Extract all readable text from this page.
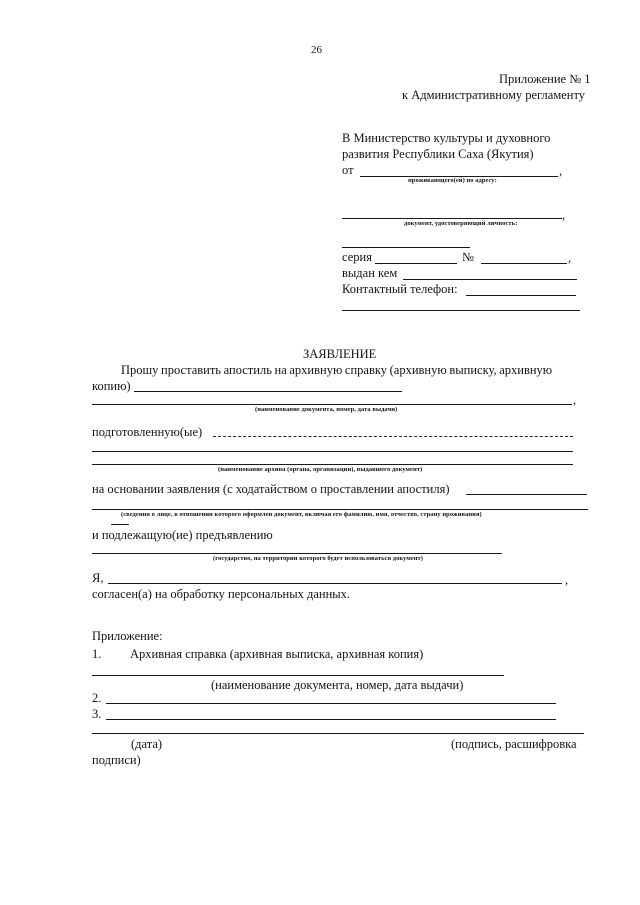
26
Приложение № 1
к Административному регламенту
В Министерство культуры и духовного
развития Республики Саха (Якутия)
от	,
проживающего(ей) по адресу:
,
документ, удостоверяющий личность:
серия	№	,
выдан кем
Контактный телефон:
ЗАЯВЛЕНИЕ
Прошу проставить апостиль на архивную справку (архивную выписку, архивную
копию)
,
(наименование документа, номер, дата выдачи)
подготовленную(ые)
(наименование архива (органа, организации), выдавшего документ)
на основании заявления (с ходатайством о проставлении апостиля)
(сведения о лице, в отношении которого оформлен документ, включая его фамилию, имя, отчество, страну проживания)
и подлежащую(ие) предъявлению
(государство, на территории которого будет использоваться документ)
Я,	,
согласен(а) на обработку персональных данных.
Приложение:
1. Архивная справка (архивная выписка, архивная копия)
(наименование документа, номер, дата выдачи)
2.
3.
(дата)	(подпись, расшифровка
подписи)
